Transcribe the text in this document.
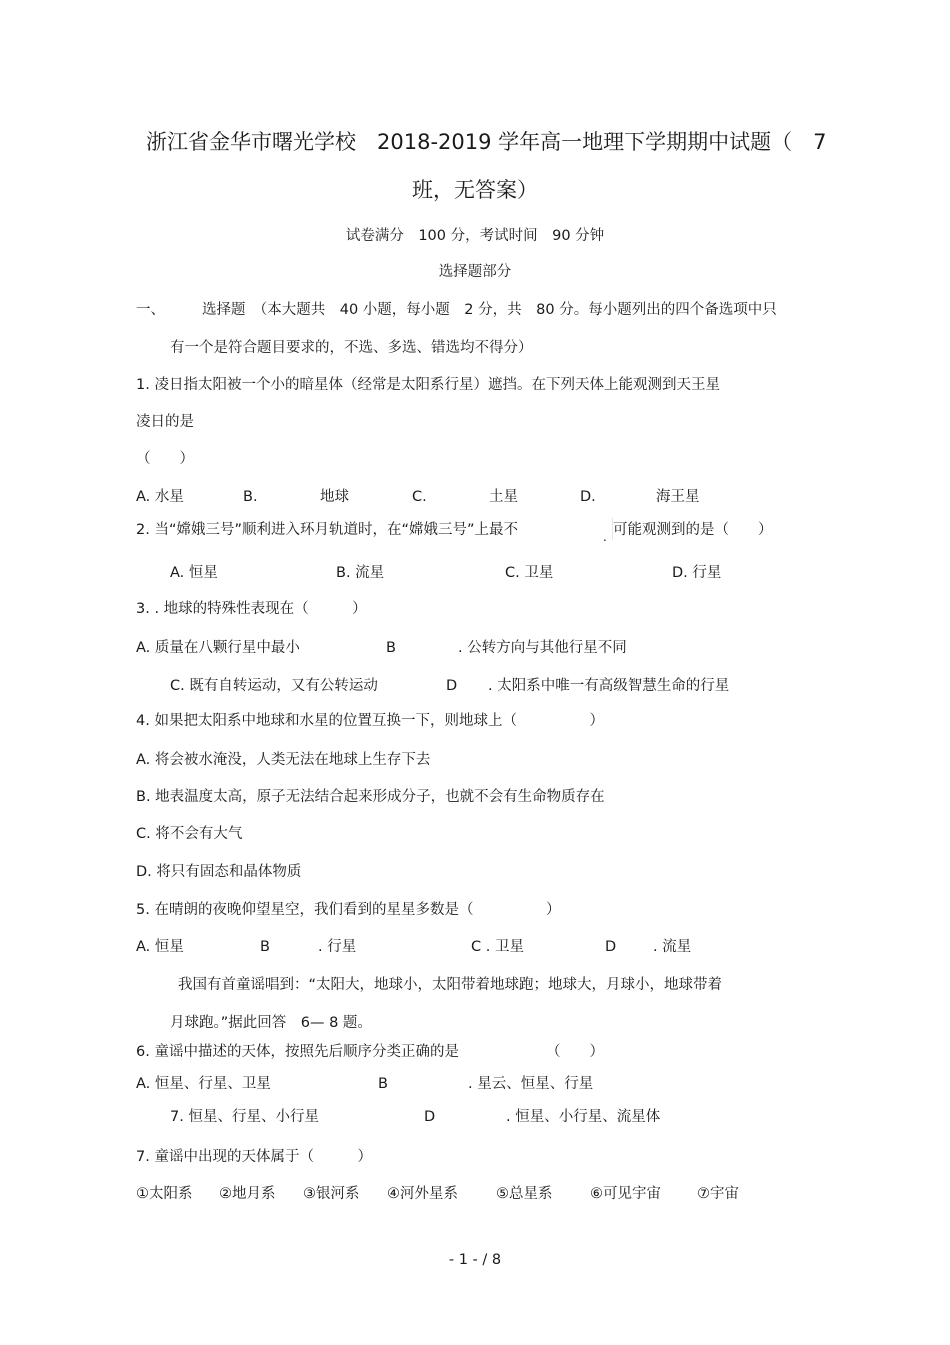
浙江省金华市曙光学校　2018-2019 学年高一地理下学期期中试题（　7
班，无答案）
试卷满分　100 分，考试时间　90 分钟
选择题部分
一、	选择题　（本大题共　40 小题，每小题　2 分，共　80 分。每小题列出的四个备选项中只
有一个是符合题目要求的，不选、多选、错选均不得分）
1. 凌日指太阳被一个小的暗星体（经常是太阳系行星）遮挡。在下列天体上能观测到天王星
凌日的是
（　　）
A. 水星	B.	地球	C.	土星	D.	海王星
2. 当“嫦娥三号”顺利进入环月轨道时，在“嫦娥三号”上最不	. 可能观测到的是（　　）
A. 恒星	B. 流星	C. 卫星	D. 行星
3. . 地球的特殊性表现在（　　　）
A. 质量在八颗行星中最小	B	. 公转方向与其他行星不同
C. 既有自转运动，又有公转运动	D . 太阳系中唯一有高级智慧生命的行星
4. 如果把太阳系中地球和水星的位置互换一下，则地球上（　　　　　）
A. 将会被水淹没，人类无法在地球上生存下去
B. 地表温度太高，原子无法结合起来形成分子，也就不会有生命物质存在
C. 将不会有大气
D. 将只有固态和晶体物质
5. 在晴朗的夜晚仰望星空，我们看到的星星多数是（　　　　　）
A. 恒星	B	. 行星	C . 卫星	D	. 流星
我国有首童谣唱到：“太阳大，地球小，太阳带着地球跑；地球大，月球小，地球带着
月球跑。”据此回答　6— 8 题。
6. 童谣中描述的天体，按照先后顺序分类正确的是	（　　）
A. 恒星、行星、卫星	B	. 星云、恒星、行星
7. 恒星、行星、小行星	D	. 恒星、小行星、流星体
7. 童谣中出现的天体属于（　　　）
①太阳系 ②地月系 ③银河系 ④河外星系	⑤总星系	⑥可见宇宙 ⑦宇宙
- 1 - / 8
